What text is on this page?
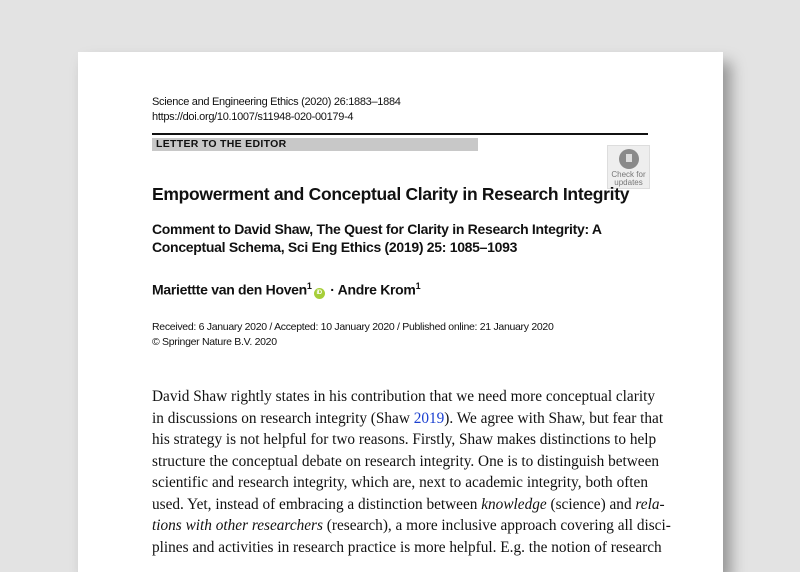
Science and Engineering Ethics (2020) 26:1883–1884
https://doi.org/10.1007/s11948-020-00179-4
LETTER TO THE EDITOR
Check for
updates
Empowerment and Conceptual Clarity in Research Integrity
Comment to David Shaw, The Quest for Clarity in Research Integrity: A
Conceptual Schema, Sci Eng Ethics (2019) 25: 1085–1093
Mariettte van den Hoven$^1$iD · Andre Krom$^1$
Received: 6 January 2020 / Accepted: 10 January 2020 / Published online: 21 January 2020
© Springer Nature B.V. 2020
David Shaw rightly states in his contribution that we need more conceptual clarity
in discussions on research integrity (Shaw 2019). We agree with Shaw, but fear that
his strategy is not helpful for two reasons. Firstly, Shaw makes distinctions to help
structure the conceptual debate on research integrity. One is to distinguish between
scientific and research integrity, which are, next to academic integrity, both often
used. Yet, instead of embracing a distinction between knowledge (science) and rela-
tions with other researchers (research), a more inclusive approach covering all disci-
plines and activities in research practice is more helpful. E.g. the notion of research
